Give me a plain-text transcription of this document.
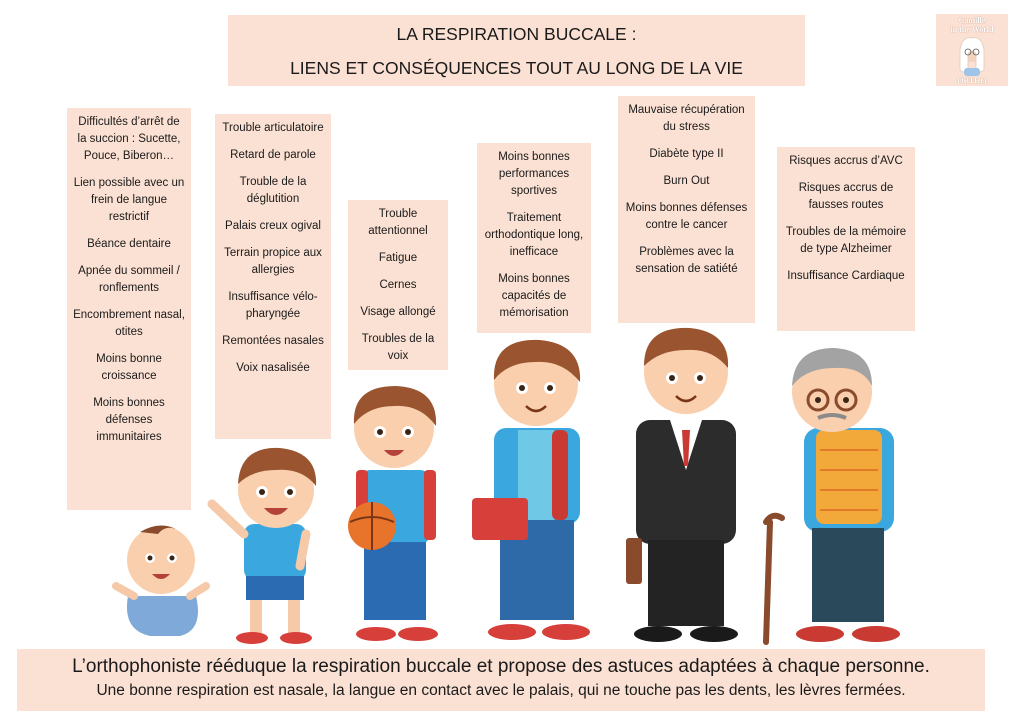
LA RESPIRATION BUCCALE :
LIENS ET CONSÉQUENCES TOUT AU LONG DE LA VIE
Camille
in the World
ORTHO

Difficultés d’arrêt de la succion : Sucette, Pouce, Biberon…

Lien possible avec un frein de langue restrictif

Béance dentaire

Apnée du sommeil / ronflements

Encombrement nasal, otites

Moins bonne croissance

Moins bonnes défenses immunitaires

Trouble articulatoire

Retard de parole

Trouble de la déglutition

Palais creux ogival

Terrain propice aux allergies

Insuffisance vélo-pharyngée

Remontées nasales

Voix nasalisée

Trouble attentionnel

Fatigue

Cernes

Visage allongé

Troubles de la voix

Moins bonnes performances sportives

Traitement orthodontique long, inefficace

Moins bonnes capacités de mémorisation

Mauvaise récupération du stress

Diabète type II

Burn Out

Moins bonnes défenses contre le cancer

Problèmes avec la sensation de satiété

Risques accrus d’AVC

Risques accrus de fausses routes

Troubles de la mémoire de type Alzheimer

Insuffisance Cardiaque

L’orthophoniste rééduque la respiration buccale et propose des astuces adaptées à chaque personne.
Une bonne respiration est nasale, la langue en contact avec le palais, qui ne touche pas les dents, les lèvres fermées.
